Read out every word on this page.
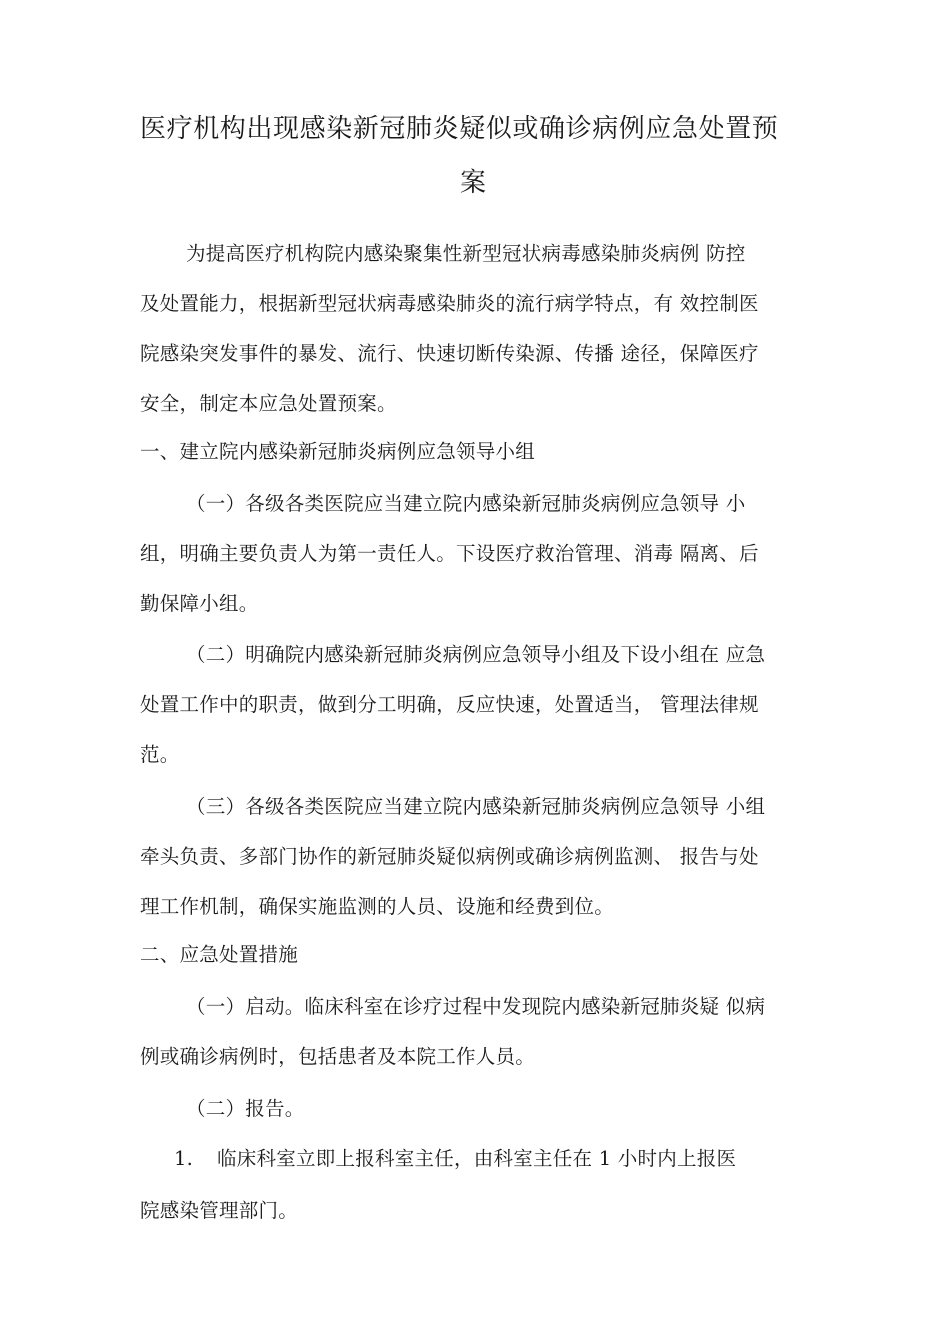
医疗机构出现感染新冠肺炎疑似或确诊病例应急处置预
案
为提高医疗机构院内感染聚集性新型冠状病毒感染肺炎病例 防控
及处置能力，根据新型冠状病毒感染肺炎的流行病学特点，有 效控制医
院感染突发事件的暴发、流行、快速切断传染源、传播 途径，保障医疗
安全，制定本应急处置预案。
一、建立院内感染新冠肺炎病例应急领导小组
（一）各级各类医院应当建立院内感染新冠肺炎病例应急领导 小
组，明确主要负责人为第一责任人。下设医疗救治管理、消毒 隔离、后
勤保障小组。
（二）明确院内感染新冠肺炎病例应急领导小组及下设小组在 应急
处置工作中的职责，做到分工明确，反应快速，处置适当， 管理法律规
范。
（三）各级各类医院应当建立院内感染新冠肺炎病例应急领导 小组
牵头负责、多部门协作的新冠肺炎疑似病例或确诊病例监测、 报告与处
理工作机制，确保实施监测的人员、设施和经费到位。
二、应急处置措施
（一）启动。临床科室在诊疗过程中发现院内感染新冠肺炎疑 似病
例或确诊病例时，包括患者及本院工作人员。
（二）报告。
1. 临床科室立即上报科室主任，由科室主任在 1 小时内上报医
院感染管理部门。
